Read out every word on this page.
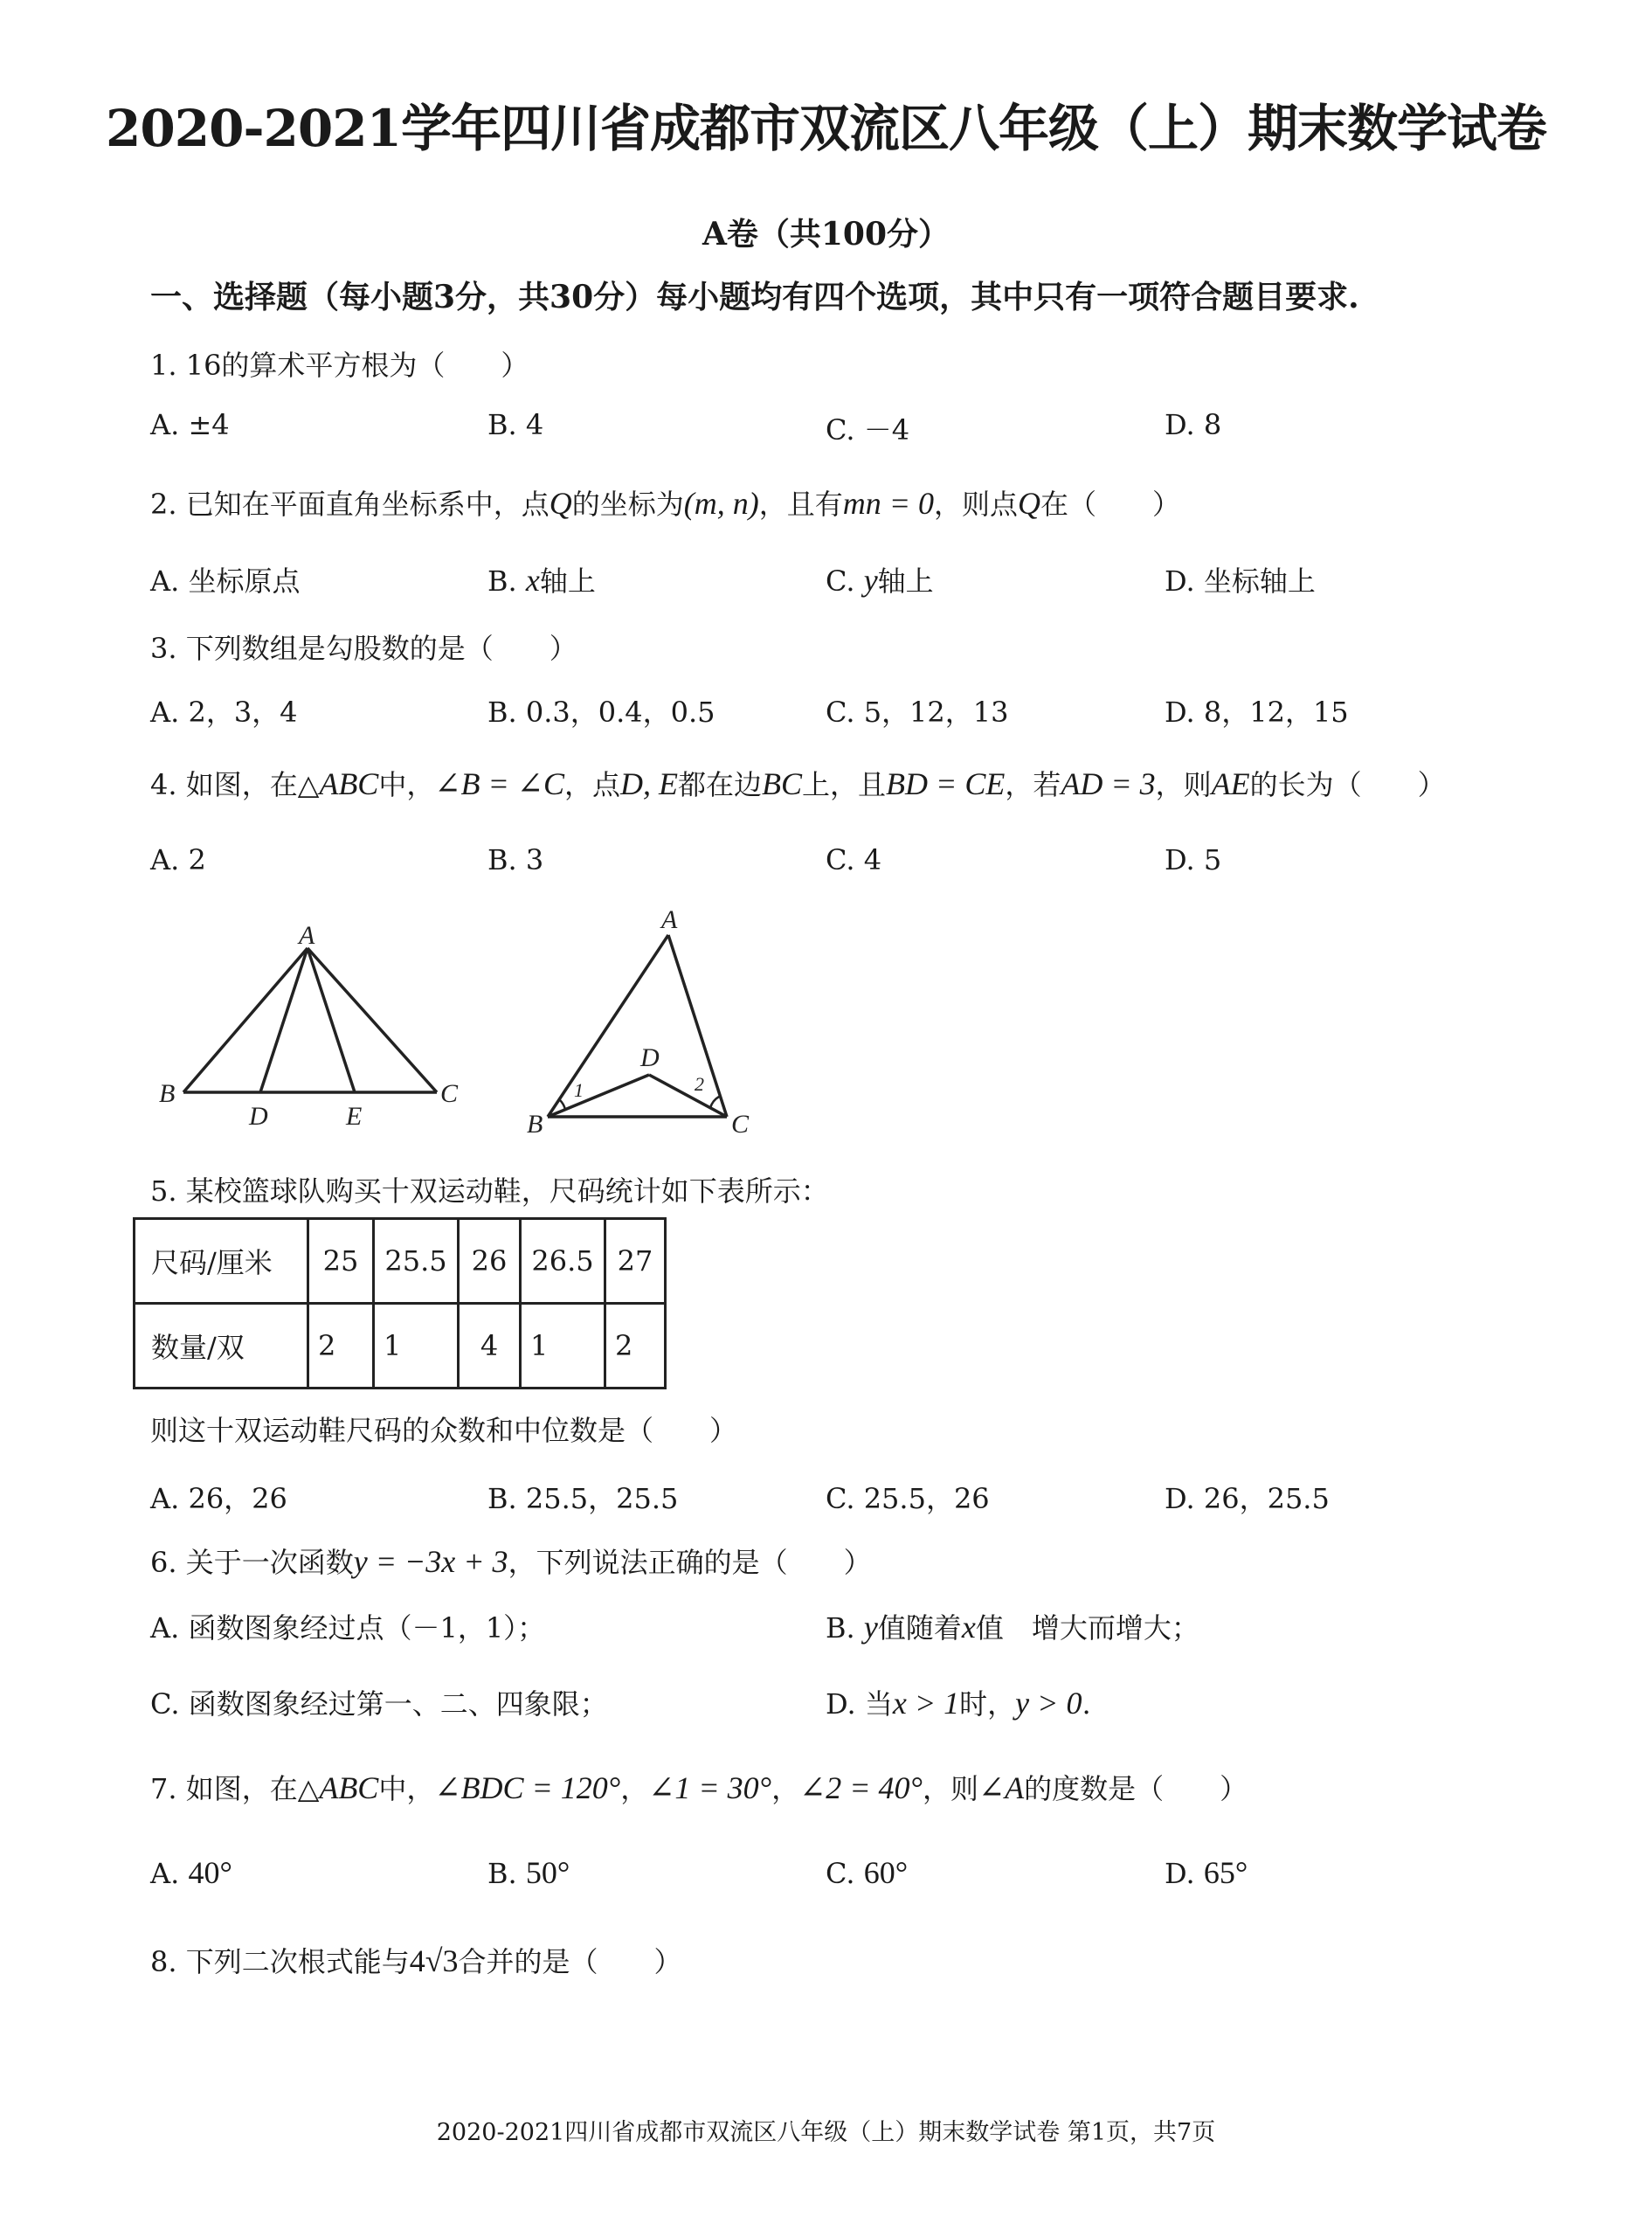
2020-2021学年四川省成都市双流区八年级（上）期末数学试卷
A卷（共100分）
一、选择题（每小题3分，共30分）每小题均有四个选项，其中只有一项符合题目要求.
1. 16的算术平方根为（　　）
A. ±4	B. 4	C. －4	D. 8
2. 已知在平面直角坐标系中，点Q的坐标为(m, n)，且有mn = 0，则点Q在（　　）
A. 坐标原点	B. x轴上	C. y轴上	D. 坐标轴上
3. 下列数组是勾股数的是（　　）
A. 2，3，4	B. 0.3，0.4，0.5	C. 5，12，13	D. 8，12，15
4. 如图，在△ABC中，∠B = ∠C，点D, E都在边BC上，且BD = CE，若AD = 3，则AE的长为（　　）
A. 2	B. 3	C. 4	D. 5
A
B
D	E
C
A
D
B	C
1	2
5. 某校篮球队购买十双运动鞋，尺码统计如下表所示：
尺码/厘米	25	25.5	26	26.5	27
数量/双	2	1	4	1	2
则这十双运动鞋尺码的众数和中位数是（　　）
A. 26，26	B. 25.5，25.5	C. 25.5，26	D. 26，25.5
6. 关于一次函数y = −3x + 3，下列说法正确的是（　　）
A. 函数图象经过点（－1，1）；	B. y值随着x值　增大而增大；
C. 函数图象经过第一、二、四象限；	D. 当x > 1时，y > 0.
7. 如图，在△ABC中，∠BDC = 120°，∠1 = 30°，∠2 = 40°，则∠A的度数是（　　）
A. 40°	B. 50°	C. 60°	D. 65°
8. 下列二次根式能与4√3合并的是（　　）
2020-2021四川省成都市双流区八年级（上）期末数学试卷 第1页，共7页
